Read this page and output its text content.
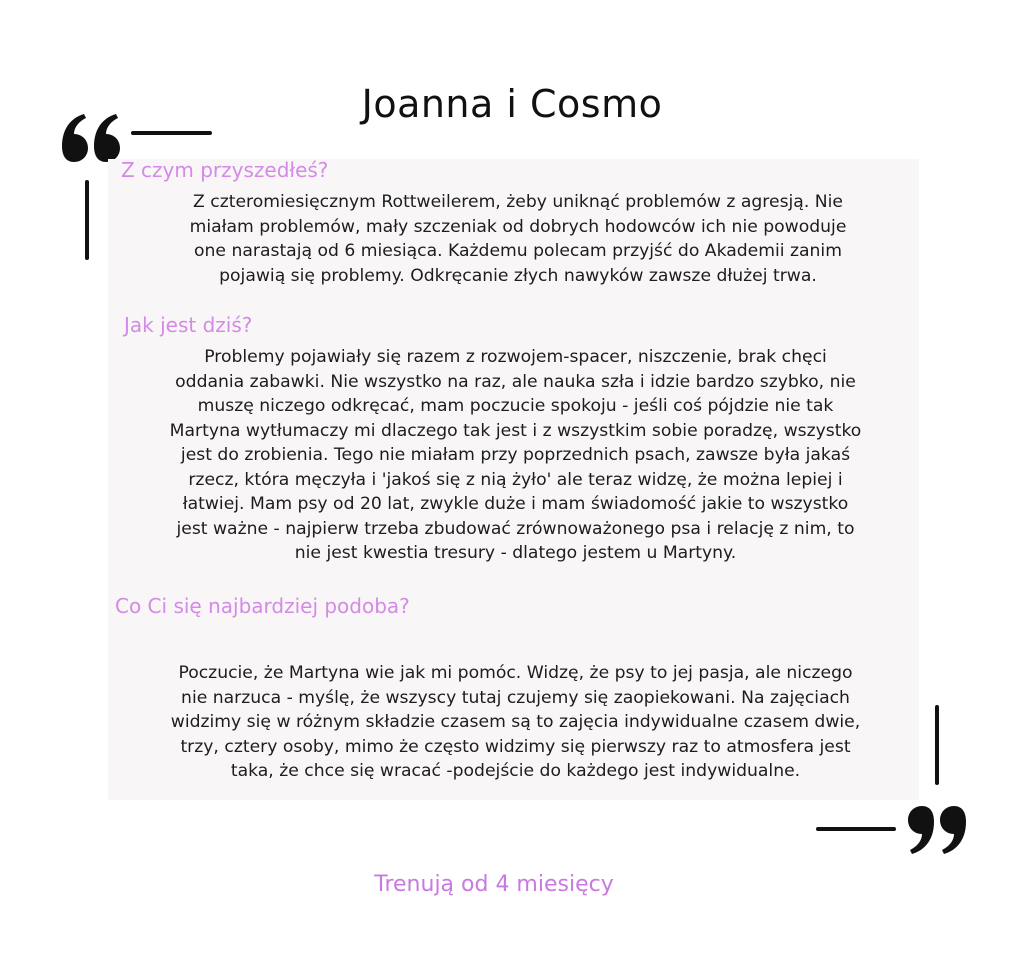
Joanna i Cosmo
Z czym przyszedłeś?
Z czteromiesięcznym Rottweilerem, żeby uniknąć problemów z agresją. Nie
miałam problemów, mały szczeniak od dobrych hodowców ich nie powoduje
one narastają od 6 miesiąca. Każdemu polecam przyjść do Akademii zanim
pojawią się problemy. Odkręcanie złych nawyków zawsze dłużej trwa.
Jak jest dziś?
Problemy pojawiały się razem z rozwojem-spacer, niszczenie, brak chęci
oddania zabawki. Nie wszystko na raz, ale nauka szła i idzie bardzo szybko, nie
muszę niczego odkręcać, mam poczucie spokoju - jeśli coś pójdzie nie tak
Martyna wytłumaczy mi dlaczego tak jest i z wszystkim sobie poradzę, wszystko
jest do zrobienia. Tego nie miałam przy poprzednich psach, zawsze była jakaś
rzecz, która męczyła i 'jakoś się z nią żyło' ale teraz widzę, że można lepiej i
łatwiej. Mam psy od 20 lat, zwykle duże i mam świadomość jakie to wszystko
jest ważne - najpierw trzeba zbudować zrównoważonego psa i relację z nim, to
nie jest kwestia tresury - dlatego jestem u Martyny.
Co Ci się najbardziej podoba?
Poczucie, że Martyna wie jak mi pomóc. Widzę, że psy to jej pasja, ale niczego
nie narzuca - myślę, że wszyscy tutaj czujemy się zaopiekowani. Na zajęciach
widzimy się w różnym składzie czasem są to zajęcia indywidualne czasem dwie,
trzy, cztery osoby, mimo że często widzimy się pierwszy raz to atmosfera jest
taka, że chce się wracać -podejście do każdego jest indywidualne.
Trenują od 4 miesięcy
